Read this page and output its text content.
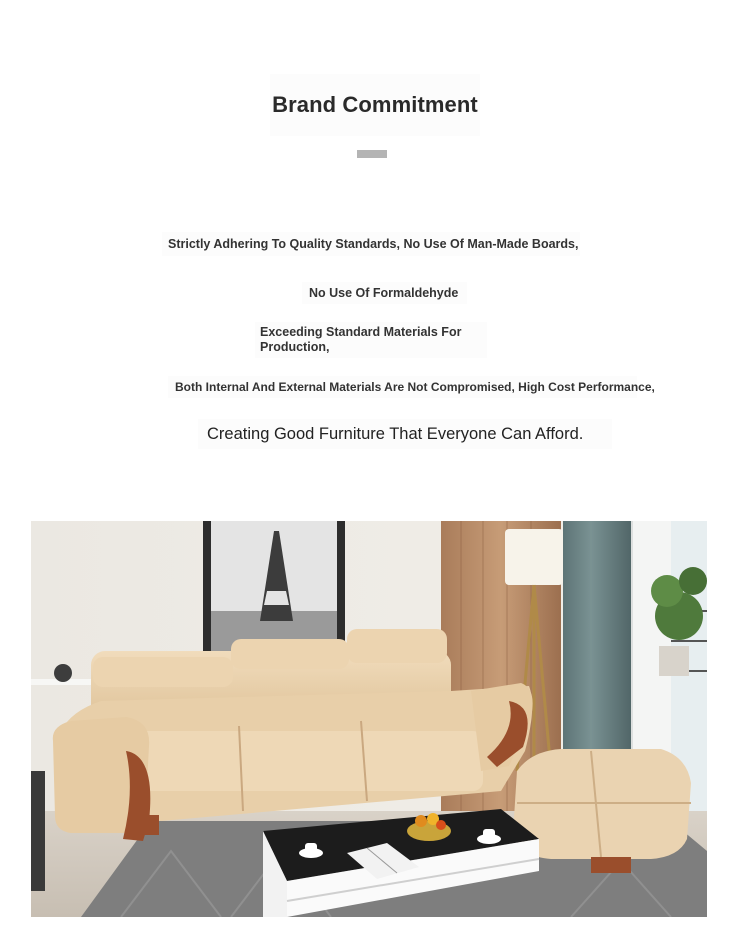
Brand Commitment
Strictly Adhering To Quality Standards, No Use Of Man-Made Boards,
No Use Of Formaldehyde
Exceeding Standard Materials For Production,
Both Internal And External Materials Are Not Compromised, High Cost Performance,
Creating Good Furniture That Everyone Can Afford.
